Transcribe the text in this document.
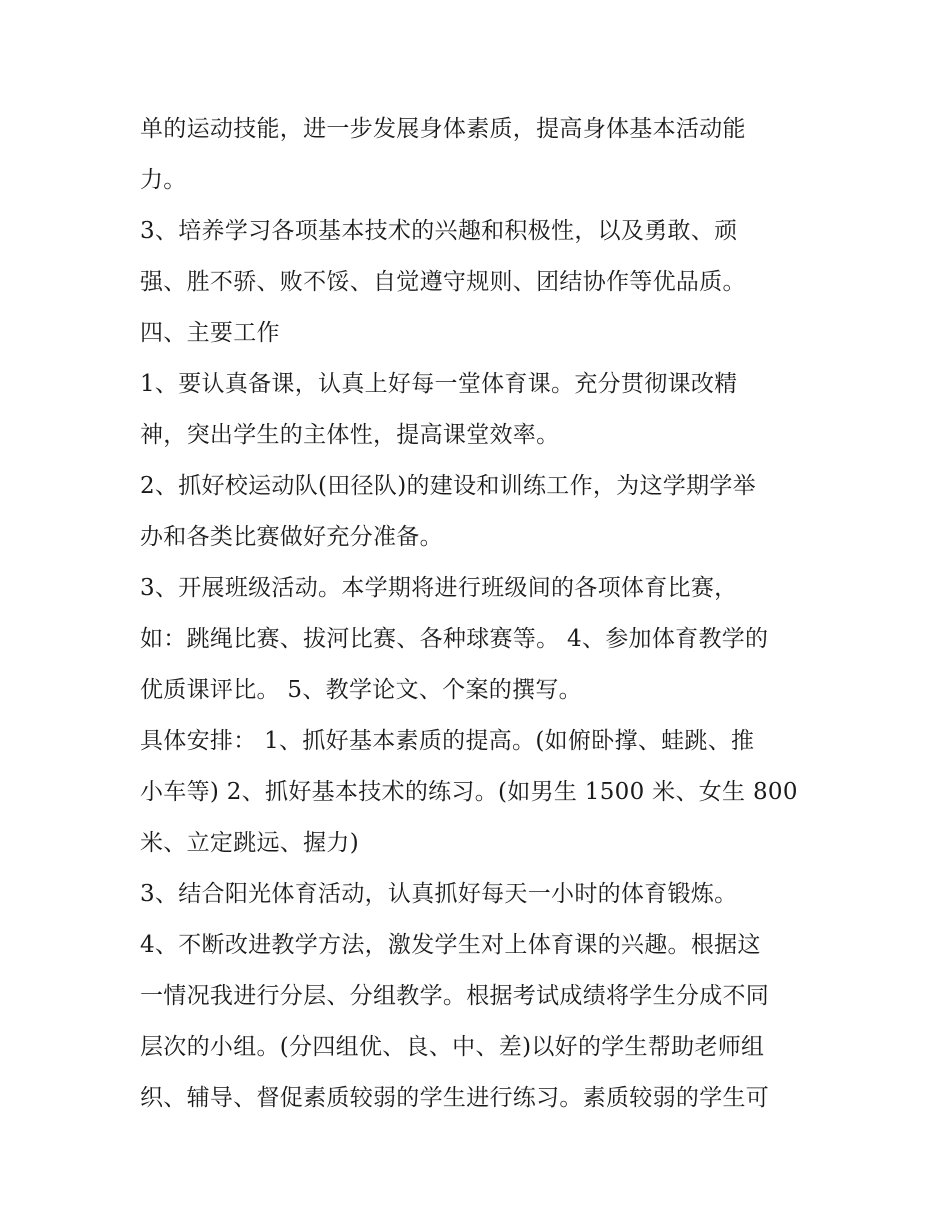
单的运动技能，进一步发展身体素质，提高身体基本活动能
力。
3、培养学习各项基本技术的兴趣和积极性，以及勇敢、顽
强、胜不骄、败不馁、自觉遵守规则、团结协作等优品质。
四、主要工作
1、要认真备课，认真上好每一堂体育课。充分贯彻课改精
神，突出学生的主体性，提高课堂效率。
2、抓好校运动队(田径队)的建设和训练工作，为这学期学举
办和各类比赛做好充分准备。
3、开展班级活动。本学期将进行班级间的各项体育比赛，
如：跳绳比赛、拔河比赛、各种球赛等。 4、参加体育教学的
优质课评比。 5、教学论文、个案的撰写。
具体安排： 1、抓好基本素质的提高。(如俯卧撑、蛙跳、推
小车等) 2、抓好基本技术的练习。(如男生 1500 米、女生 800
米、立定跳远、握力)
3、结合阳光体育活动，认真抓好每天一小时的体育锻炼。
4、不断改进教学方法，激发学生对上体育课的兴趣。根据这
一情况我进行分层、分组教学。根据考试成绩将学生分成不同
层次的小组。(分四组优、良、中、差)以好的学生帮助老师组
织、辅导、督促素质较弱的学生进行练习。素质较弱的学生可
